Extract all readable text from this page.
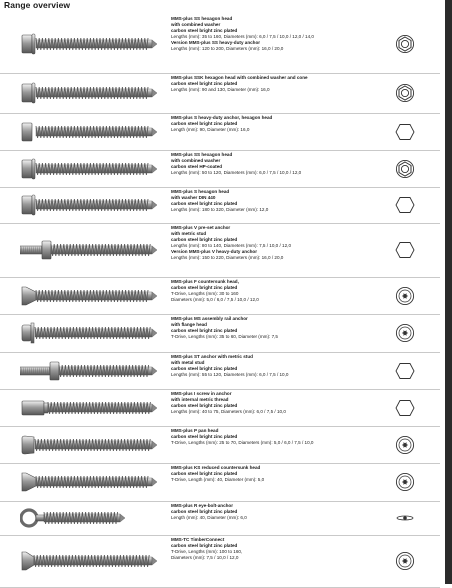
Range overview
MMS-plus SS hexagon head
with combined washer
carbon steel bright zinc plated
Lengths (mm): 35 to 160, Diameters (mm): 6,0 / 7,5 / 10,0 / 12,0 / 14,0
Version MMS-plus SS heavy-duty anchor
Lengths (mm): 120 to 200, Diameters (mm): 16,0 / 20,0
MMS-plus SSK hexagon head with combined washer and cone
carbon steel bright zinc plated
Lengths (mm): 90 and 130, Diameter (mm): 16,0
MMS-plus S heavy-duty anchor, hexagon head
carbon steel bright zinc plated
Length (mm): 90, Diameter (mm): 16,0
MMS-plus SS hexagon head
with combined washer
carbon steel HP-coated
Lengths (mm): 50 to 120, Diameters (mm): 6,0 / 7,5 / 10,0 / 12,0
MMS-plus S hexagon head
with washer DIN 440
carbon steel bright zinc plated
Lengths (mm): 180 to 320, Diameter (mm): 12,0
MMS-plus V pre-set anchor
with metric stud
carbon steel bright zinc plated
Lengths (mm): 80 to 140, Diameters (mm): 7,5 / 10,0 / 12,0
Version MMS-plus V heavy-duty anchor
Lengths (mm): 150 to 220, Diameters (mm): 16,0 / 20,0
MMS-plus F countersunk head,
carbon steel bright zinc plated
T-Drive, Lengths (mm): 30 to 160
Diameters (mm): 5,0 / 6,0 / 7,5 / 10,0 / 12,0
MMS-plus MS assembly rail anchor
with flange head
carbon steel bright zinc plated
T-Drive, Lengths (mm): 35 to 60, Diameter (mm): 7,5
MMS-plus ST anchor with metric stud
with metal stud
carbon steel bright zinc plated
Lengths (mm): 55 to 120, Diameters (mm): 6,0 / 7,5 / 10,0
MMS-plus I screw in anchor
with internal metric thread
carbon steel bright zinc plated
Lengths (mm): 40 to 75, Diameters (mm): 6,0 / 7,5 / 10,0
MMS-plus P pan head
carbon steel bright zinc plated
T-Drive, Lengths (mm): 25 to 70, Diameters (mm): 5,0 / 6,0 / 7,5 / 10,0
MMS-plus KS reduced countersunk head
carbon steel bright zinc plated
T-Drive, Length (mm): 40, Diameter (mm): 5,0
MMS-plus R eye-bolt-anchor
carbon steel bright zinc plated
Length (mm): 40, Diameter (mm): 6,0
MMS-TC TimberConnect
carbon steel bright zinc plated
T-Drive, Lengths (mm): 100 to 160,
Diameters (mm): 7,5 / 10,0 / 12,0
